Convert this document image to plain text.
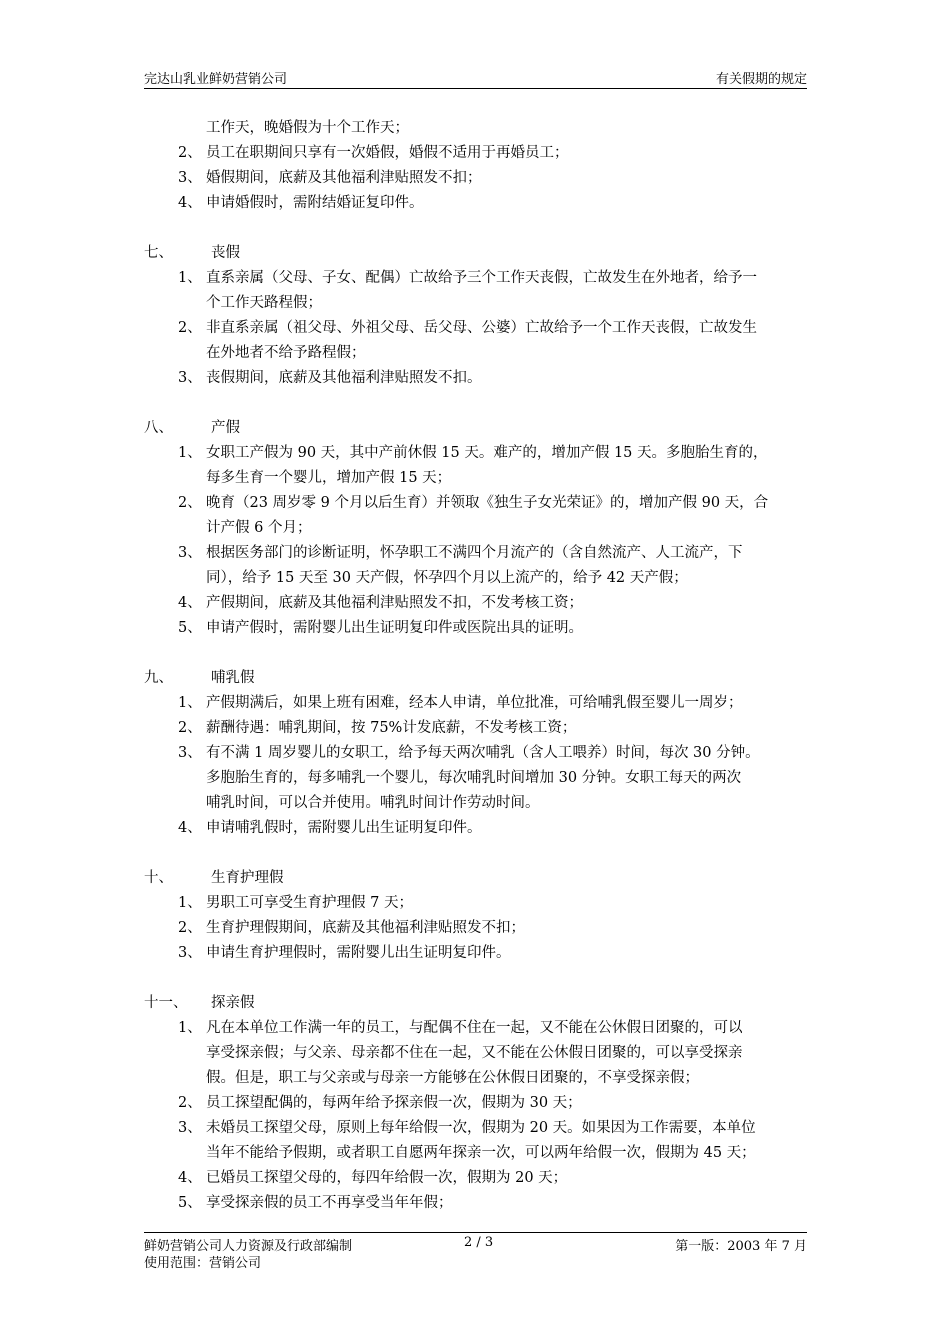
完达山乳业鲜奶营销公司	有关假期的规定
工作天，晚婚假为十个工作天；
2、 员工在职期间只享有一次婚假，婚假不适用于再婚员工；
3、 婚假期间，底薪及其他福利津贴照发不扣；
4、 申请婚假时，需附结婚证复印件。
七、	丧假
1、 直系亲属（父母、子女、配偶）亡故给予三个工作天丧假，亡故发生在外地者，给予一
个工作天路程假；
2、 非直系亲属（祖父母、外祖父母、岳父母、公婆）亡故给予一个工作天丧假，亡故发生
在外地者不给予路程假；
3、 丧假期间，底薪及其他福利津贴照发不扣。
八、	产假
1、 女职工产假为 90 天，其中产前休假 15 天。难产的，增加产假 15 天。多胞胎生育的，
每多生育一个婴儿，增加产假 15 天；
2、 晚育（23 周岁零 9 个月以后生育）并领取《独生子女光荣证》的，增加产假 90 天，合
计产假 6 个月；
3、 根据医务部门的诊断证明，怀孕职工不满四个月流产的（含自然流产、人工流产，下
同），给予 15 天至 30 天产假，怀孕四个月以上流产的，给予 42 天产假；
4、 产假期间，底薪及其他福利津贴照发不扣，不发考核工资；
5、 申请产假时，需附婴儿出生证明复印件或医院出具的证明。
九、	哺乳假
1、 产假期满后，如果上班有困难，经本人申请，单位批准，可给哺乳假至婴儿一周岁；
2、 薪酬待遇：哺乳期间，按 75%计发底薪，不发考核工资；
3、 有不满 1 周岁婴儿的女职工，给予每天两次哺乳（含人工喂养）时间，每次 30 分钟。
多胞胎生育的，每多哺乳一个婴儿，每次哺乳时间增加 30 分钟。女职工每天的两次
哺乳时间，可以合并使用。哺乳时间计作劳动时间。
4、 申请哺乳假时，需附婴儿出生证明复印件。
十、	生育护理假
1、 男职工可享受生育护理假 7 天；
2、 生育护理假期间，底薪及其他福利津贴照发不扣；
3、 申请生育护理假时，需附婴儿出生证明复印件。
十一、 探亲假
1、 凡在本单位工作满一年的员工，与配偶不住在一起，又不能在公休假日团聚的，可以
享受探亲假；与父亲、母亲都不住在一起，又不能在公休假日团聚的，可以享受探亲
假。但是，职工与父亲或与母亲一方能够在公休假日团聚的，不享受探亲假；
2、 员工探望配偶的，每两年给予探亲假一次，假期为 30 天；
3、 未婚员工探望父母，原则上每年给假一次，假期为 20 天。如果因为工作需要，本单位
当年不能给予假期，或者职工自愿两年探亲一次，可以两年给假一次，假期为 45 天；
4、 已婚员工探望父母的，每四年给假一次，假期为 20 天；
5、 享受探亲假的员工不再享受当年年假；
鲜奶营销公司人力资源及行政部编制	2 / 3	第一版：2003 年 7 月
使用范围：营销公司
